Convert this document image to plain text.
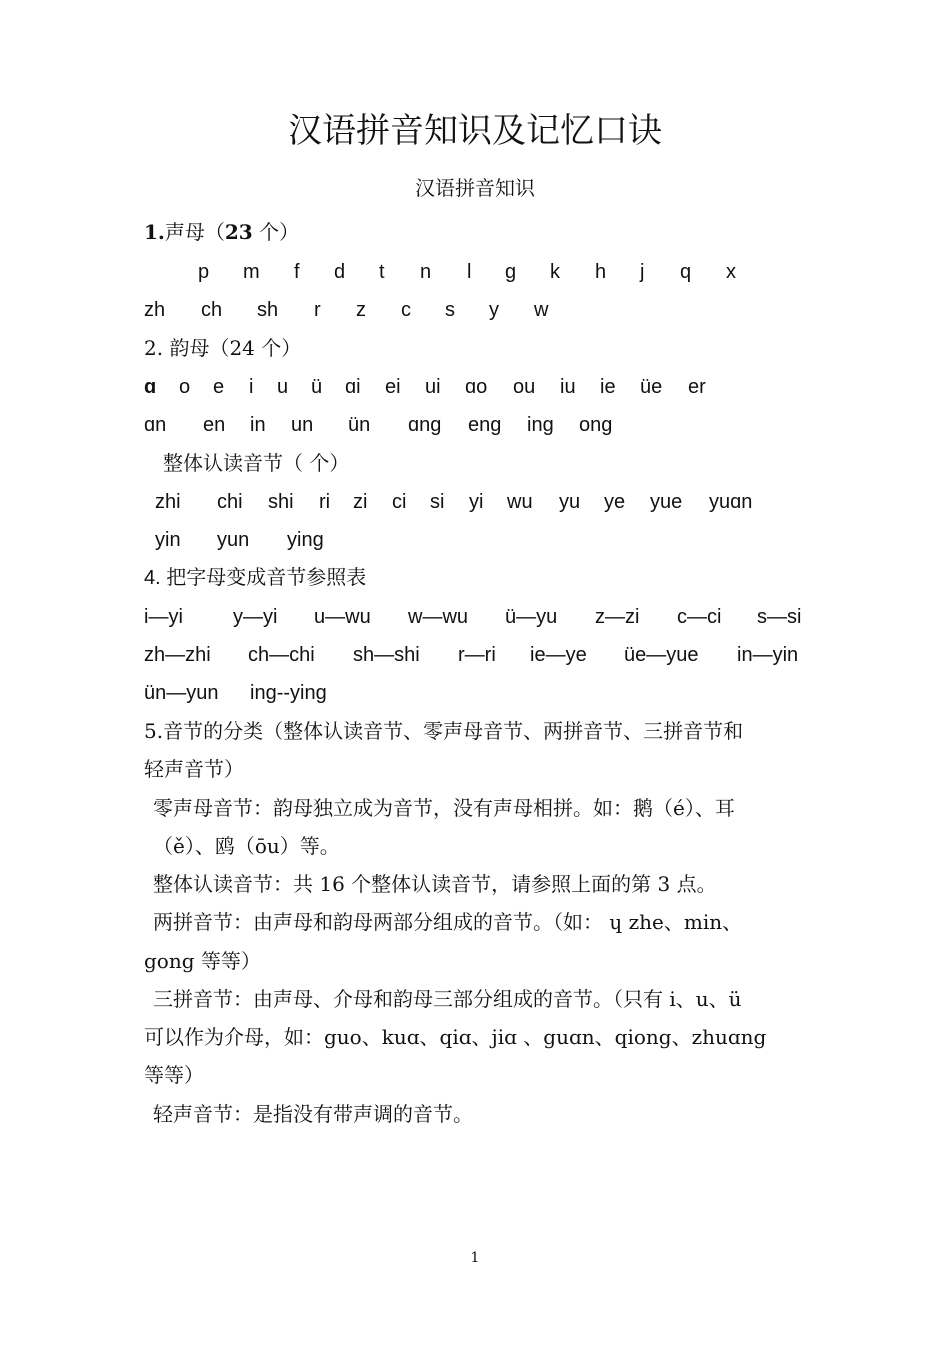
汉语拼音知识及记忆口诀
汉语拼音知识
1.声母（23 个）
p m f d t n l g k h j q x
zh ch sh r z c s y w
2. 韵母（24 个）
ɑ o e i u ü ɑi ei ui ɑo ou iu ie üe er
ɑn en in un ün ɑng eng ing ong
整体认读音节（ 个）
zhi chi shi ri zi ci si yi wu yu ye yue yuɑn
yin yun ying
4. 把字母变成音节参照表
i—yi	y—yi u—wu w—wu ü—yu z—zi c—ci s—si
zh—zhi ch—chi sh—shi r—ri ie—ye üe—yue in—yin
ün—yun ing--ying
5.音节的分类（整体认读音节、零声母音节、两拼音节、三拼音节和
轻声音节）
零声母音节：韵母独立成为音节，没有声母相拼。如：鹅（é）、耳
（ě）、鸥（ōu）等。
整体认读音节：共 16 个整体认读音节，请参照上面的第 3 点。
两拼音节：由声母和韵母两部分组成的音节。（如： ɥ zhe、min、
gong 等等）
三拼音节：由声母、介母和韵母三部分组成的音节。（只有 i、u、ü
可以作为介母，如：guo、kuɑ、qiɑ、jiɑ 、guɑn、qiong、zhuɑng
等等）
轻声音节：是指没有带声调的音节。
1
